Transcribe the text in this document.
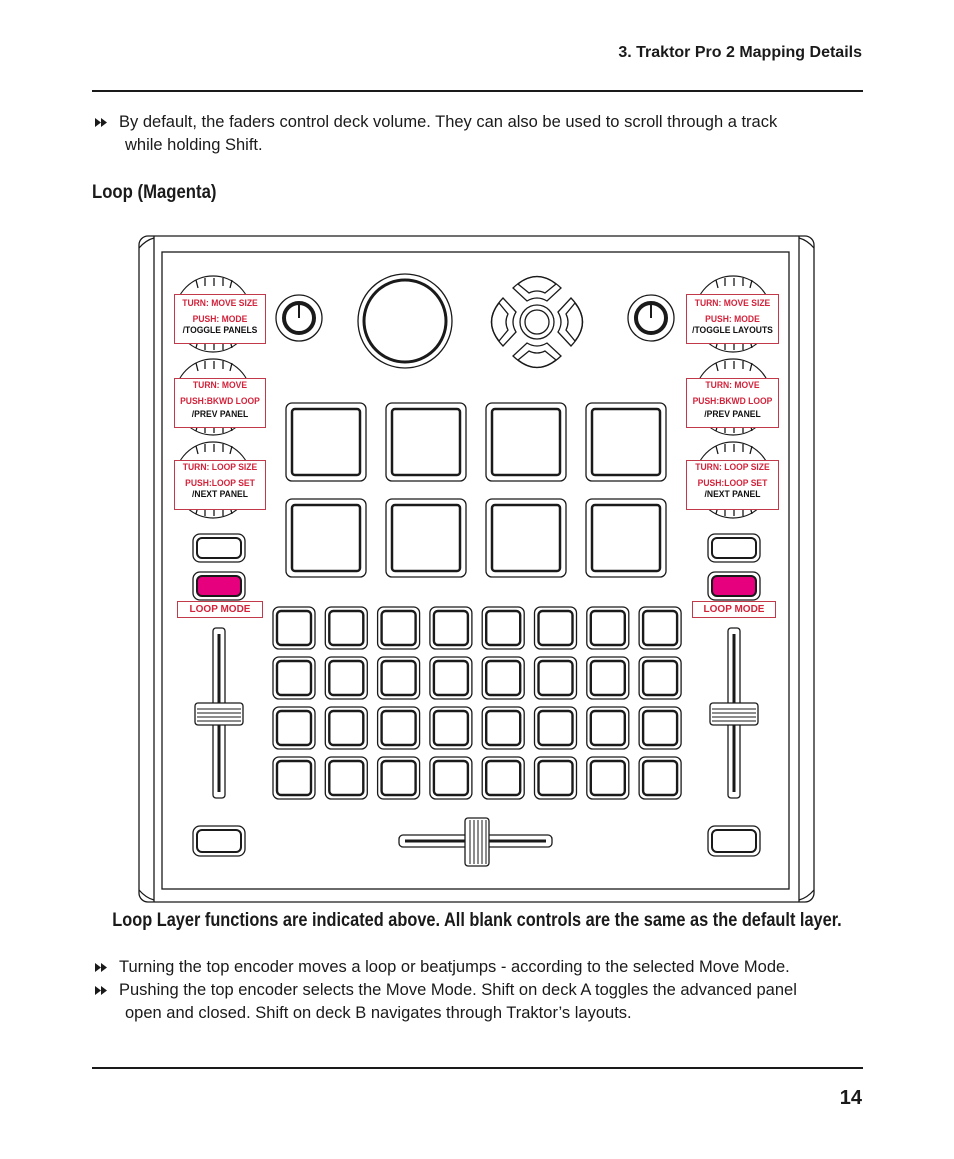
3. Traktor Pro 2 Mapping Details
By default, the faders control deck volume. They can also be used to scroll through a track
while holding Shift.
Loop (Magenta)
TURN: MOVE SIZE
PUSH: MODE
/TOGGLE PANELS
TURN: MOVE
PUSH:BKWD LOOP
/PREV PANEL
TURN: LOOP SIZE
PUSH:LOOP SET
/NEXT PANEL
TURN: MOVE SIZE
PUSH: MODE
/TOGGLE LAYOUTS
TURN: MOVE
PUSH:BKWD LOOP
/PREV PANEL
TURN: LOOP SIZE
PUSH:LOOP SET
/NEXT PANEL
LOOP MODE	LOOP MODE
Loop Layer functions are indicated above. All blank controls are the same as the default layer.
Turning the top encoder moves a loop or beatjumps - according to the selected Move Mode.
Pushing the top encoder selects the Move Mode. Shift on deck A toggles the advanced panel
open and closed. Shift on deck B navigates through Traktor’s layouts.
14
